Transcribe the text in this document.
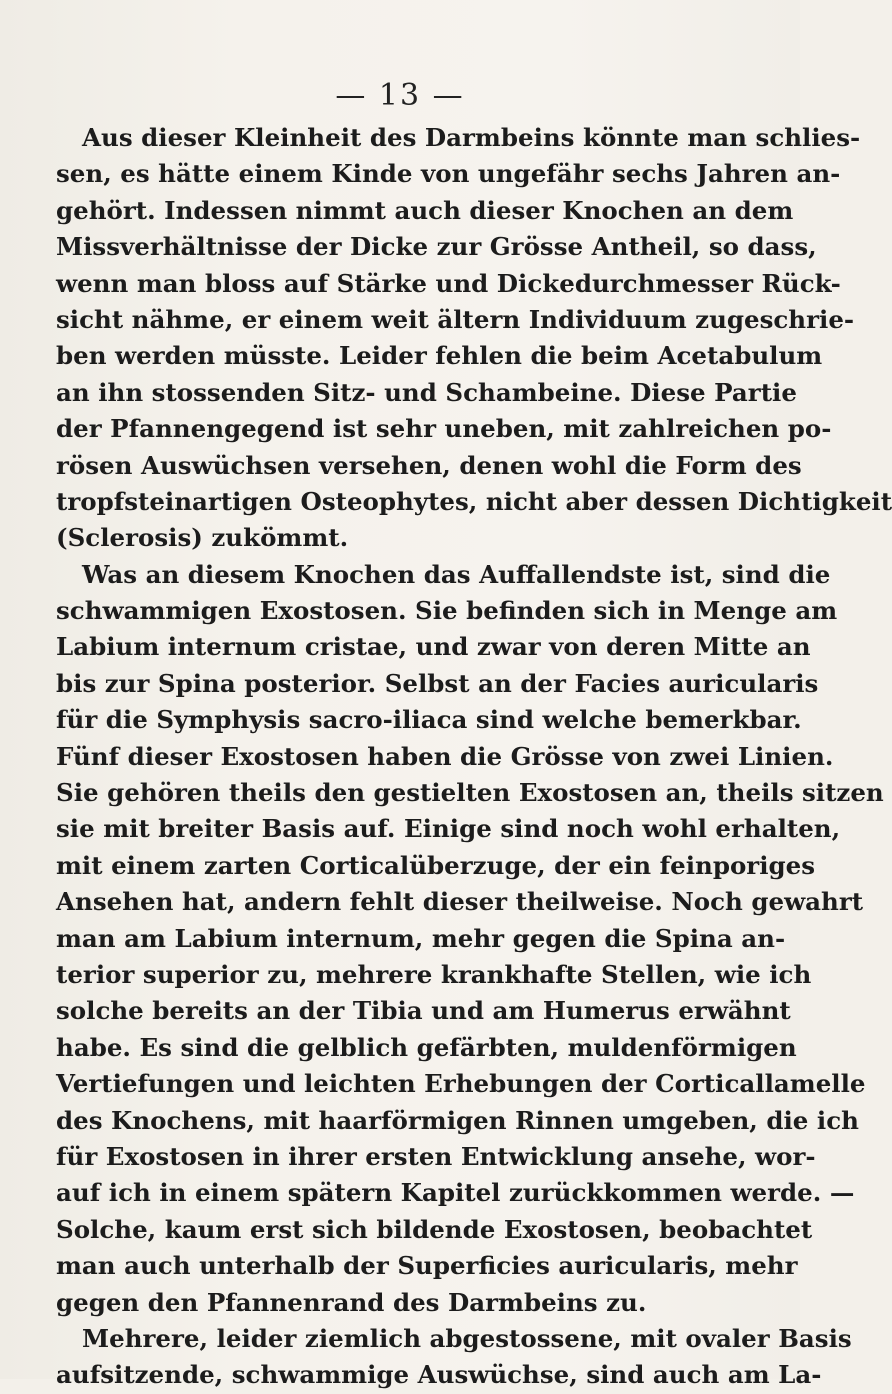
— 13 —
Aus dieser Kleinheit des Darmbeins könnte man schlies-
sen, es hätte einem Kinde von ungefähr sechs Jahren an-
gehört. Indessen nimmt auch dieser Knochen an dem
Missverhältnisse der Dicke zur Grösse Antheil, so dass,
wenn man bloss auf Stärke und Dickedurchmesser Rück-
sicht nähme, er einem weit ältern Individuum zugeschrie-
ben werden müsste. Leider fehlen die beim Acetabulum
an ihn stossenden Sitz- und Schambeine. Diese Partie
der Pfannengegend ist sehr uneben, mit zahlreichen po-
rösen Auswüchsen versehen, denen wohl die Form des
tropfsteinartigen Osteophytes, nicht aber dessen Dichtigkeit
(Sclerosis) zukömmt.
Was an diesem Knochen das Auffallendste ist, sind die
schwammigen Exostosen. Sie befinden sich in Menge am
Labium internum cristae, und zwar von deren Mitte an
bis zur Spina posterior. Selbst an der Facies auricularis
für die Symphysis sacro-iliaca sind welche bemerkbar.
Fünf dieser Exostosen haben die Grösse von zwei Linien.
Sie gehören theils den gestielten Exostosen an, theils sitzen
sie mit breiter Basis auf. Einige sind noch wohl erhalten,
mit einem zarten Corticalüberzuge, der ein feinporiges
Ansehen hat, andern fehlt dieser theilweise. Noch gewahrt
man am Labium internum, mehr gegen die Spina an-
terior superior zu, mehrere krankhafte Stellen, wie ich
solche bereits an der Tibia und am Humerus erwähnt
habe. Es sind die gelblich gefärbten, muldenförmigen
Vertiefungen und leichten Erhebungen der Corticallamelle
des Knochens, mit haarförmigen Rinnen umgeben, die ich
für Exostosen in ihrer ersten Entwicklung ansehe, wor-
auf ich in einem spätern Kapitel zurückkommen werde. —
Solche, kaum erst sich bildende Exostosen, beobachtet
man auch unterhalb der Superficies auricularis, mehr
gegen den Pfannenrand des Darmbeins zu.
Mehrere, leider ziemlich abgestossene, mit ovaler Basis
aufsitzende, schwammige Auswüchse, sind auch am La-
